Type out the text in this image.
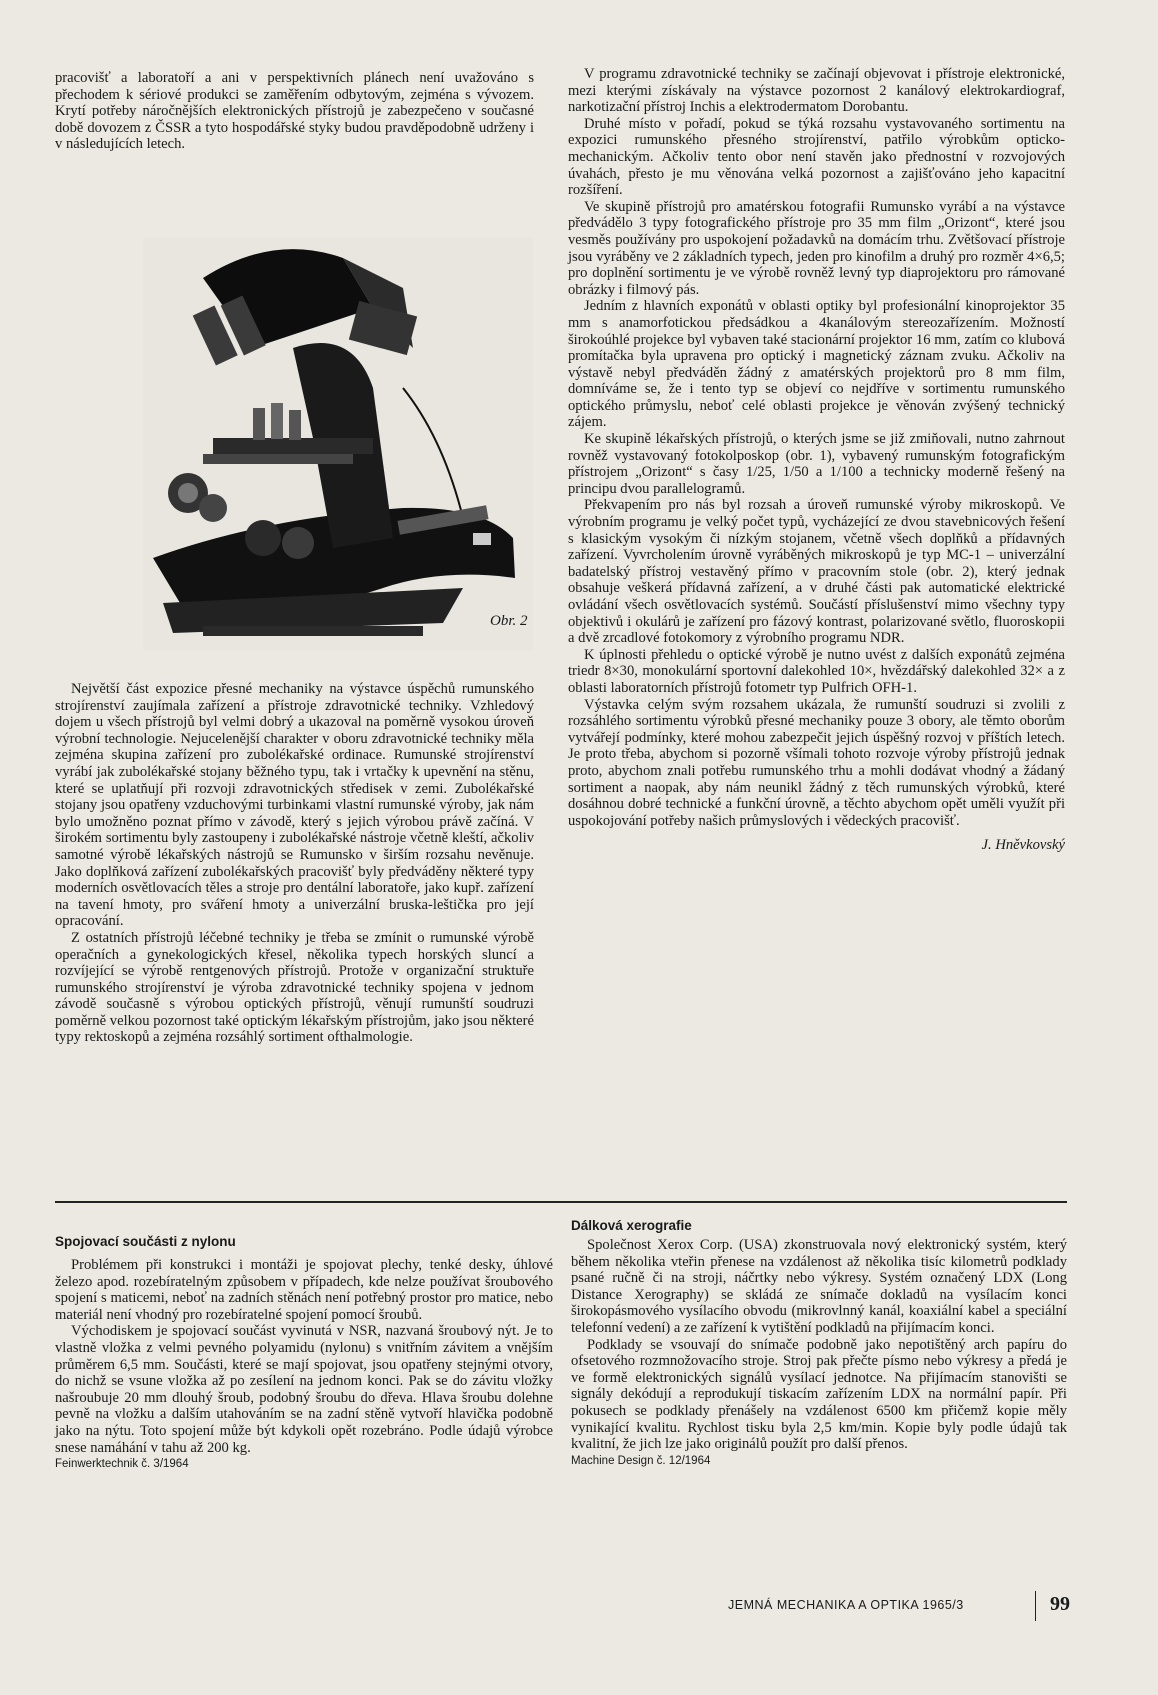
pracovišť a laboratoří a ani v perspektivních plánech není uvažováno s přechodem k sériové produkci se zaměřením odbytovým, zejména s vývozem. Krytí potřeby náročnějších elektronických přístrojů je zabezpečeno v současné době dovozem z ČSSR a tyto hospodářské styky budou pravděpodobně udrženy i v následujících letech.

Obr. 2

Největší část expozice přesné mechaniky na výstavce úspěchů rumunského strojírenství zaujímala zařízení a přístroje zdravotnické techniky. Vzhledový dojem u všech přístrojů byl velmi dobrý a ukazoval na poměrně vysokou úroveň výrobní technologie. Nejucelenější charakter v oboru zdravotnické techniky měla zejména skupina zařízení pro zubolékařské ordinace. Rumunské strojírenství vyrábí jak zubolékařské stojany běžného typu, tak i vrtačky k upevnění na stěnu, které se uplatňují při rozvoji zdravotnických středisek v zemi. Zubolékařské stojany jsou opatřeny vzduchovými turbinkami vlastní rumunské výroby, jak nám bylo umožněno poznat přímo v závodě, který s jejich výrobou právě začíná. V širokém sortimentu byly zastoupeny i zubolékařské nástroje včetně kleští, ačkoliv samotné výrobě lékařských nástrojů se Rumunsko v širším rozsahu nevěnuje. Jako doplňková zařízení zubolékařských pracovišť byly předváděny některé typy moderních osvětlovacích těles a stroje pro dentální laboratoře, jako kupř. zařízení na tavení hmoty, pro sváření hmoty a univerzální bruska-leštička pro její opracování.

Z ostatních přístrojů léčebné techniky je třeba se zmínit o rumunské výrobě operačních a gynekologických křesel, několika typech horských sluncí a rozvíjející se výrobě rentgenových přístrojů. Protože v organizační struktuře rumunského strojírenství je výroba zdravotnické techniky spojena v jednom závodě současně s výrobou optických přístrojů, věnují rumunští soudruzi poměrně velkou pozornost také optickým lékařským přístrojům, jako jsou některé typy rektoskopů a zejména rozsáhlý sortiment ofthalmologie.

V programu zdravotnické techniky se začínají objevovat i přístroje elektronické, mezi kterými získávaly na výstavce pozornost 2 kanálový elektrokardiograf, narkotizační přístroj Inchis a elektrodermatom Dorobantu.

Druhé místo v pořadí, pokud se týká rozsahu vystavovaného sortimentu na expozici rumunského přesného strojírenství, patřilo výrobkům opticko-mechanickým. Ačkoliv tento obor není stavěn jako přednostní v rozvojových úvahách, přesto je mu věnována velká pozornost a zajišťováno jeho kapacitní rozšíření.

Ve skupině přístrojů pro amatérskou fotografii Rumunsko vyrábí a na výstavce předvádělo 3 typy fotografického přístroje pro 35 mm film „Orizont“, které jsou vesměs používány pro uspokojení požadavků na domácím trhu. Zvětšovací přístroje jsou vyráběny ve 2 základních typech, jeden pro kinofilm a druhý pro rozměr 4×6,5; pro doplnění sortimentu je ve výrobě rovněž levný typ diaprojektoru pro rámované obrázky i filmový pás.

Jedním z hlavních exponátů v oblasti optiky byl profesionální kinoprojektor 35 mm s anamorfotickou předsádkou a 4kanálovým stereozařízením. Možností širokoúhlé projekce byl vybaven také stacionární projektor 16 mm, zatím co klubová promítačka byla upravena pro optický i magnetický záznam zvuku. Ačkoliv na výstavě nebyl předváděn žádný z amatérských projektorů pro 8 mm film, domníváme se, že i tento typ se objeví co nejdříve v sortimentu rumunského optického průmyslu, neboť celé oblasti projekce je věnován zvýšený technický zájem.

Ke skupině lékařských přístrojů, o kterých jsme se již zmiňovali, nutno zahrnout rovněž vystavovaný fotokolposkop (obr. 1), vybavený rumunským fotografickým přístrojem „Orizont“ s časy 1/25, 1/50 a 1/100 a technicky moderně řešený na principu dvou parallelogramů.

Překvapením pro nás byl rozsah a úroveň rumunské výroby mikroskopů. Ve výrobním programu je velký počet typů, vycházející ze dvou stavebnicových řešení s klasickým vysokým či nízkým stojanem, včetně všech doplňků a přídavných zařízení. Vyvrcholením úrovně vyráběných mikroskopů je typ MC-1 – univerzální badatelský přístroj vestavěný přímo v pracovním stole (obr. 2), který jednak obsahuje veškerá přídavná zařízení, a v druhé části pak automatické elektrické ovládání všech osvětlovacích systémů. Součástí příslušenství mimo všechny typy objektivů i okulárů je zařízení pro fázový kontrast, polarizované světlo, fluoroskopii a dvě zrcadlové fotokomory z výrobního programu NDR.

K úplnosti přehledu o optické výrobě je nutno uvést z dalších exponátů zejména triedr 8×30, monokulární sportovní dalekohled 10×, hvězdářský dalekohled 32× a z oblasti laboratorních přístrojů fotometr typ Pulfrich OFH-1.

Výstavka celým svým rozsahem ukázala, že rumunští soudruzi si zvolili z rozsáhlého sortimentu výrobků přesné mechaniky pouze 3 obory, ale těmto oborům vytvářejí podmínky, které mohou zabezpečit jejich úspěšný rozvoj v příštích letech. Je proto třeba, abychom si pozorně všímali tohoto rozvoje výroby přístrojů jednak proto, abychom znali potřebu rumunského trhu a mohli dodávat vhodný a žádaný sortiment a naopak, aby nám neunikl žádný z těch rumunských výrobků, které dosáhnou dobré technické a funkční úrovně, a těchto abychom opět uměli využít při uspokojování potřeby našich průmyslových i vědeckých pracovišť.

J. Hněvkovský
Spojovací součásti z nylonu

Problémem při konstrukci i montáži je spojovat plechy, tenké desky, úhlové železo apod. rozebíratelným způsobem v případech, kde nelze používat šroubového spojení s maticemi, neboť na zadních stěnách není potřebný prostor pro matice, nebo materiál není vhodný pro rozebíratelné spojení pomocí šroubů.

Východiskem je spojovací součást vyvinutá v NSR, nazvaná šroubový nýt. Je to vlastně vložka z velmi pevného polyamidu (nylonu) s vnitřním závitem a vnějším průměrem 6,5 mm. Součásti, které se mají spojovat, jsou opatřeny stejnými otvory, do nichž se vsune vložka až po zesílení na jednom konci. Pak se do závitu vložky našroubuje 20 mm dlouhý šroub, podobný šroubu do dřeva. Hlava šroubu dolehne pevně na vložku a dalším utahováním se na zadní stěně vytvoří hlavička podobně jako na nýtu. Toto spojení může být kdykoli opět rozebráno. Podle údajů výrobce snese namáhání v tahu až 200 kg.

Feinwerktechnik č. 3/1964

Dálková xerografie

Společnost Xerox Corp. (USA) zkonstruovala nový elektronický systém, který během několika vteřin přenese na vzdálenost až několika tisíc kilometrů podklady psané ručně či na stroji, náčrtky nebo výkresy. Systém označený LDX (Long Distance Xerography) se skládá ze snímače dokladů na vysílacím konci širokopásmového vysílacího obvodu (mikrovlnný kanál, koaxiální kabel a speciální telefonní vedení) a ze zařízení k vytištění podkladů na přijímacím konci.

Podklady se vsouvají do snímače podobně jako nepotištěný arch papíru do ofsetového rozmnožovacího stroje. Stroj pak přečte písmo nebo výkresy a předá je ve formě elektronických signálů vysílací jednotce. Na přijímacím stanovišti se signály dekódují a reprodukují tiskacím zařízením LDX na normální papír. Při pokusech se podklady přenášely na vzdálenost 6500 km přičemž kopie měly vynikající kvalitu. Rychlost tisku byla 2,5 km/min. Kopie byly podle údajů tak kvalitní, že jich lze jako originálů použít pro další přenos.

Machine Design č. 12/1964

JEMNÁ MECHANIKA A OPTIKA 1965/3	99
